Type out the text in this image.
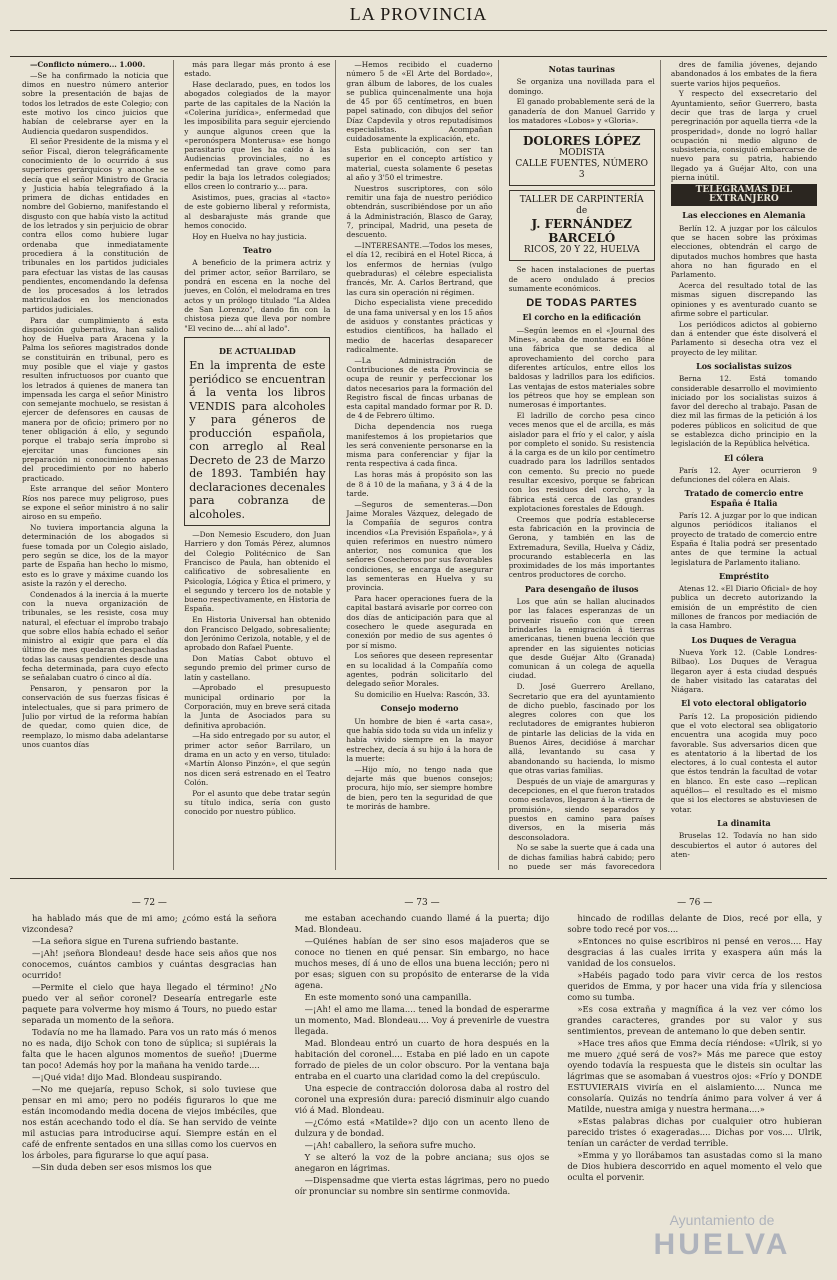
LA PROVINCIA

—Conflicto número... 1.000.

—Se ha confirmado la noticia que dimos en nuestro número anterior sobre la presentación de bajas de todos los letrados de este Colegio; con este motivo los cinco juicios que habían de celebrarse ayer en la Audiencia quedaron suspendidos.

El señor Presidente de la misma y el señor Fiscal, dieron telegráficamente conocimiento de lo ocurrido á sus superiores gerárquicos y anoche se decía que el señor Ministro de Gracia y Justicia había telegrafiado á la primera de dichas entidades en nombre del Gobierno, manifestando el disgusto con que había visto la actitud de los letrados y sin perjuicio de obrar contra ellos como hubiere lugar ordenaba que inmediatamente procediera á la constitución de tribunales en los partidos judiciales para efectuar las vistas de las causas pendientes, encomendando la defensa de los procesados á los letrados matriculados en los mencionados partidos judiciales.

Para dar cumplimiento á esta disposición gubernativa, han salido hoy de Huelva para Aracena y la Palma los señores magistrados donde se constituirán en tribunal, pero es muy posible que el viaje y gastos resulten infructuosos por cuanto que los letrados á quienes de manera tan impensada les carga el señor Ministro con semejante mochuelo, se resistan á ejercer de defensores en causas de manera por de oficio; primero por no tener obligación á ello, y segundo porque el trabajo sería ímprobo si ejercitar unas funciones sin preparación ni conocimiento apenas del procedimiento por no haberlo practicado.

Este arranque del señor Montero Ríos nos parece muy peligroso, pues se expone el señor ministro á no salir airoso en su empeño.

No tuviera importancia alguna la determinación de los abogados si fuese tomada por un Colegio aislado, pero según se dice, los de la mayor parte de España han hecho lo mismo, esto es lo grave y máxime cuando los asiste la razón y el derecho.

Condenados á la inercia á la muerte con la nueva organización de tribunales, se les resiste, cosa muy natural, el efectuar el ímprobo trabajo que sobre ellos había echado el señor ministro al exigir que para el día último de mes quedaran despachadas todas las causas pendientes desde una fecha determinada, para cuyo efecto se señalaban cuatro ó cinco al día.

Pensaron, y pensaron por la conservación de sus fuerzas físicas é intelectuales, que si para primero de Julio por virtud de la reforma habían de quedar, como quien dice, de reemplazo, lo mismo daba adelantarse unos cuantos días

más para llegar más pronto á ese estado.

Hase declarado, pues, en todos los abogados colegiados de la mayor parte de las capitales de la Nación la «Colerina jurídica», enfermedad que les imposibilita para seguir ejerciendo y aunque algunos creen que la «peronóspera Monterusa» ese hongo parasitario que les ha caído á las Audiencias provinciales, no es enfermedad tan grave como para pedir la baja los letrados colegiados; ellos creen lo contrario y.... para.

Asistimos, pues, gracias al «tacto» de este gobierno liberal y reformista, al desbarajuste más grande que hemos conocido.

Hoy en Huelva no hay justicia.

Teatro

A beneficio de la primera actriz y del primer actor, señor Barrilaro, se pondrá en escena en la noche del jueves, en Colón, el melodrama en tres actos y un prólogo titulado "La Aldea de San Lorenzo", dando fin con la chistosa pieza que lleva por nombre "El vecino de.... ahí al lado".

DE ACTUALIDAD
En la imprenta de este periódico se encuentran á la venta los libros VENDIS para alcoholes y para géneros de producción española, con arreglo al Real Decreto de 23 de Marzo de 1893. También hay declaraciones decenales para cobranza de alcoholes.

—Don Nemesio Escudero, don Juan Harriero y don Tomás Pérez, alumnos del Colegio Politécnico de San Francisco de Paula, han obtenido el calificativo de sobresaliente en Psicología, Lógica y Ética el primero, y el segundo y tercero los de notable y bueno respectivamente, en Historia de España.

En Historia Universal han obtenido don Francisco Delgado, sobresaliente; don Jerónimo Cerizola, notable, y el de aprobado don Rafael Puente.

Don Matías Cabot obtuvo el segundo premio del primer curso de latín y castellano.

—Aprobado el presupuesto municipal ordinario por la Corporación, muy en breve será citada la Junta de Asociados para su definitiva aprobación.

—Ha sido entregado por su autor, el primer actor señor Barrilaro, un drama en un acto y en verso, titulado: «Martín Alonso Pinzón», el que según nos dicen será estrenado en el Teatro Colón.

Por el asunto que debe tratar según su título indica, sería con gusto conocido por nuestro público.

—Hemos recibido el cuaderno número 5 de «El Arte del Bordado», gran álbum de labores, de los cuales se publica quincenalmente una hoja de 45 por 65 centímetros, en buen papel satinado, con dibujos del señor Díaz Capdevila y otros reputadísimos especialistas. Acompañan cuidadosamente la explicación, etc.

Esta publicación, con ser tan superior en el concepto artístico y material, cuesta solamente 6 pesetas al año y 3'50 el trimestre.

Nuestros suscriptores, con sólo remitir una faja de nuestro periódico obtendrán, suscribiéndose por un año á la Administración, Blasco de Garay, 7, principal, Madrid, una peseta de descuento.

—INTERESANTE.—Todos los meses, el día 12, recibirá en el Hotel Ricca, á los enfermos de hernias (vulgo quebraduras) el célebre especialista francés, Mr. A. Carlos Bertrand, que las cura sin operación ni régimen.

Dicho especialista viene precedido de una fama universal y en los 15 años de asiduos y constantes prácticas y estudios científicos, ha hallado el medio de hacerlas desaparecer radicalmente.

—La Administración de Contribuciones de esta Provincia se ocupa de reunir y perfeccionar los datos necesarios para la formación del Registro fiscal de fincas urbanas de esta capital mandado formar por R. D. de 4 de Febrero último.

Dicha dependencia nos ruega manifestemos á los propietarios que les será conveniente personarse en la misma para conferenciar y fijar la renta respectiva á cada finca.

Las horas más á propósito son las de 8 á 10 de la mañana, y 3 á 4 de la tarde.

—Seguros de sementeras.—Don Jaime Morales Vázquez, delegado de la Compañía de seguros contra incendios «La Previsión Española», y á quien referimos en nuestro número anterior, nos comunica que los señores Cosecheros por sus favorables condiciones, se encarga de asegurar las sementeras en Huelva y su provincia.

Para hacer operaciones fuera de la capital bastará avisarle por correo con dos días de anticipación para que al cosechero le quede asegurada en conexión por medio de sus agentes ó por sí mismo.

Los señores que deseen representar en su localidad á la Compañía como agentes, podrán solicitarlo del delegado señor Morales.

Su domicilio en Huelva: Rascón, 33.

Consejo moderno

Un hombre de bien é «arta casa», que había sido toda su vida un infeliz y había vivido siempre en la mayor estrechez, decía á su hijo á la hora de la muerte:

—Hijo mío, no tengo nada que dejarte más que buenos consejos; procura, hijo mío, ser siempre hombre de bien, pero ten la seguridad de que te morirás de hambre.

Notas taurinas

Se organiza una novillada para el domingo.

El ganado probablemente será de la ganadería de don Manuel Garrido y los matadores «Lobos» y «Gloria».

DOLORES LÓPEZ
MODISTA
CALLE FUENTES, NÚMERO 3
TALLER DE CARPINTERÍA
de
J. FERNÁNDEZ BARCELÓ
RICOS, 20 Y 22, HUELVA

Se hacen instalaciones de puertas de acero ondulado á precios sumamente económicos.

DE TODAS PARTES
El corcho en la edificación

—Según leemos en el «Journal des Mines», acaba de montarse en Bône una fábrica que se dedica al aprovechamiento del corcho para diferentes artículos, entre ellos los baldosas y ladrillos para los edificios. Las ventajas de estos materiales sobre los pétreos que hoy se emplean son numerosas é importantes.

El ladrillo de corcho pesa cinco veces menos que el de arcilla, es más aislador para el frío y el calor, y aísla por completo el sonido. Su resistencia á la carga es de un kilo por centímetro cuadrado para los ladrillos sentados con cemento. Su precio no puede resultar excesivo, porque se fabrican con los residuos del corcho, y la fábrica está cerca de las grandes explotaciones forestales de Edough.

Creemos que podría establecerse esta fabricación en la provincia de Gerona, y también en las de Extremadura, Sevilla, Huelva y Cádiz, procurando establecerla en las proximidades de los más importantes centros productores de corcho.

Para desengaño de ilusos

Los que aún se hallan alucinados por las falaces esperanzas de un porvenir risueño con que creen brindarles la emigración á tierras americanas, tienen buena lección que aprender en las siguientes noticias que desde Guéjar Alto (Granada) comunican á un colega de aquella ciudad.

D. José Guerrero Arellano, Secretario que era del ayuntamiento de dicho pueblo, fascinado por los alegres colores con que los reclutadores de emigrantes hubieron de pintarle las delicias de la vida en Buenos Aires, decidióse á marchar allá, levantando su casa y abandonando su hacienda, lo mismo que otras varias familias.

Después de un viaje de amarguras y decepciones, en el que fueron tratados como esclavos, llegaron á la «tierra de promisión», siendo separados y puestos en camino para países diversos, en la miseria más desconsoladora.

No se sabe la suerte que á cada una de dichas familias habrá cabido; pero no puede ser más favorecedora

dres de familia jóvenes, dejando abandonados á los embates de la fiera suerte varios hijos pequeños.

Y respecto del exsecretario del Ayuntamiento, señor Guerrero, basta decir que tras de larga y cruel peregrinación por aquella tierra «de la prosperidad», donde no logró hallar ocupación ni medio alguno de subsistencia, consiguió embarcarse de nuevo para su patria, habiendo llegado ya á Guéjar Alto, con una pierna inútil.

TELEGRAMAS DEL EXTRANJERO
Las elecciones en Alemania

Berlín 12. A juzgar por los cálculos que se hacen sobre las próximas elecciones, obtendrán el cargo de diputados muchos hombres que hasta ahora no han figurado en el Parlamento.

Acerca del resultado total de las mismas siguen discrepando las opiniones y es aventurado cuanto se afirme sobre el particular.

Los periódicos adictos al gobierno dan á entender que éste disolverá el Parlamento si desecha otra vez el proyecto de ley militar.

Los socialistas suizos

Berna 12. Está tomando considerable desarrollo el movimiento iniciado por los socialistas suizos á favor del derecho al trabajo. Pasan de diez mil las firmas de la petición á los poderes públicos en solicitud de que se establezca dicho principio en la legislación de la República helvética.

El cólera

París 12. Ayer ocurrieron 9 defunciones del cólera en Alais.

Tratado de comercio entre España é Italia

París 12. A juzgar por lo que indican algunos periódicos italianos el proyecto de tratado de comercio entre España é Italia podrá ser presentado antes de que termine la actual legislatura de Parlamento italiano.

Empréstito

Atenas 12. «El Diario Oficial» de hoy publica un decreto autorizando la emisión de un empréstito de cien millones de francos por mediación de la casa Hambro.

Los Duques de Veragua

Nueva York 12. (Cable Londres-Bilbao). Los Duques de Veragua llegaron ayer á esta ciudad después de haber visitado las cataratas del Niágara.

El voto electoral obligatorio

París 12. La proposición pidiendo que el voto electoral sea obligatorio encuentra una acogida muy poco favorable. Sus adversarios dicen que es atentatorio á la libertad de los electores, á lo cual contesta el autor que éstos tendrán la facultad de votar en blanco. En este caso —replican aquéllos— el resultado es el mismo que si los electores se abstuviesen de votar.

La dinamita

Bruselas 12. Todavía no han sido descubiertos el autor ó autores del aten-

— 72 —

ha hablado más que de mi amo; ¿cómo está la señora vizcondesa?

—La señora sigue en Turena sufriendo bastante.

—¡Ah! ¡señora Blondeau! desde hace seis años que nos conocemos, cuántos cambios y cuántas desgracias han ocurrido!

—Permite el cielo que haya llegado el término! ¿No puedo ver al señor coronel? Desearía entregarle este paquete para volverme hoy mismo á Tours, no puedo estar separada un momento de la señora.

Todavía no me ha llamado. Para vos un rato más ó menos no es nada, dijo Schok con tono de súplica; si supiérais la falta que le hacen algunos momentos de sueño! ¡Duerme tan poco! Además hoy por la mañana ha venido tarde....

—¡Qué vida! dijo Mad. Blondeau suspirando.

—No me quejaría, repuso Schok, si solo tuviese que pensar en mi amo; pero no podéis figuraros lo que me están incomodando media docena de viejos imbéciles, que nos están acechando todo el día. Se han servido de veinte mil astucias para introducirse aquí. Siempre están en el café de enfrente sentados en una sillas como los cuervos en los árboles, para figurarse lo que aquí pasa.

—Sin duda deben ser esos mismos los que

— 73 —

me estaban acechando cuando llamé á la puerta; dijo Mad. Blondeau.

—Quiénes habían de ser sino esos majaderos que se conoce no tienen en qué pensar. Sin embargo, no hace muchos meses, dí á uno de ellos una buena lección; pero ni por esas; siguen con su propósito de enterarse de la vida agena.

En este momento sonó una campanilla.

—¡Ah! el amo me llama.... tened la bondad de esperarme un momento, Mad. Blondeau.... Voy á prevenirle de vuestra llegada.

Mad. Blondeau entró un cuarto de hora después en la habitación del coronel.... Estaba en pié lado en un capote forrado de pieles de un color obscuro. Por la ventana baja entraba en el cuarto una claridad como la del crepúsculo.

Una especie de contracción dolorosa daba al rostro del coronel una expresión dura: pareció disminuir algo cuando vió á Mad. Blondeau.

—¿Cómo está «Matilde»? dijo con un acento lleno de dulzura y de bondad.

—¡Ah! caballero, la señora sufre mucho.

Y se alteró la voz de la pobre anciana; sus ojos se anegaron en lágrimas.

—Dispensadme que vierta estas lágrimas, pero no puedo oír pronunciar su nombre sin sentirme conmovida.

— 76 —

hincado de rodillas delante de Dios, recé por ella, y sobre todo recé por vos....

»Entonces no quise escribiros ni pensé en veros.... Hay desgracias á las cuales irrita y exaspera aún más la vanidad de los consuelos.

»Habéis pagado todo para vivir cerca de los restos queridos de Emma, y por hacer una vida fría y silenciosa como su tumba.

»Es cosa extraña y magnífica á la vez ver cómo los grandes caracteres, grandes por su valor y sus sentimientos, prevean de antemano lo que deben sentir.

»Hace tres años que Emma decía riéndose: «Ulrik, si yo me muero ¿qué será de vos?» Más me parece que estoy oyendo todavía la respuesta que le disteis sin ocultar las lágrimas que se asomaban á vuestros ojos: «Frío y DONDE ESTUVIERAIS viviría en el aislamiento.... Nunca me consolaría. Quizás no tendría ánimo para volver á ver á Matilde, nuestra amiga y nuestra hermana....»

»Estas palabras dichas por cualquier otro hubieran parecido tristes ó exageradas.... Dichas por vos.... Ulrik, tenían un carácter de verdad terrible.

»Emma y yo llorábamos tan asustadas como si la mano de Dios hubiera descorrido en aquel momento el velo que oculta el porvenir.

Ayuntamiento de
HUELVA
